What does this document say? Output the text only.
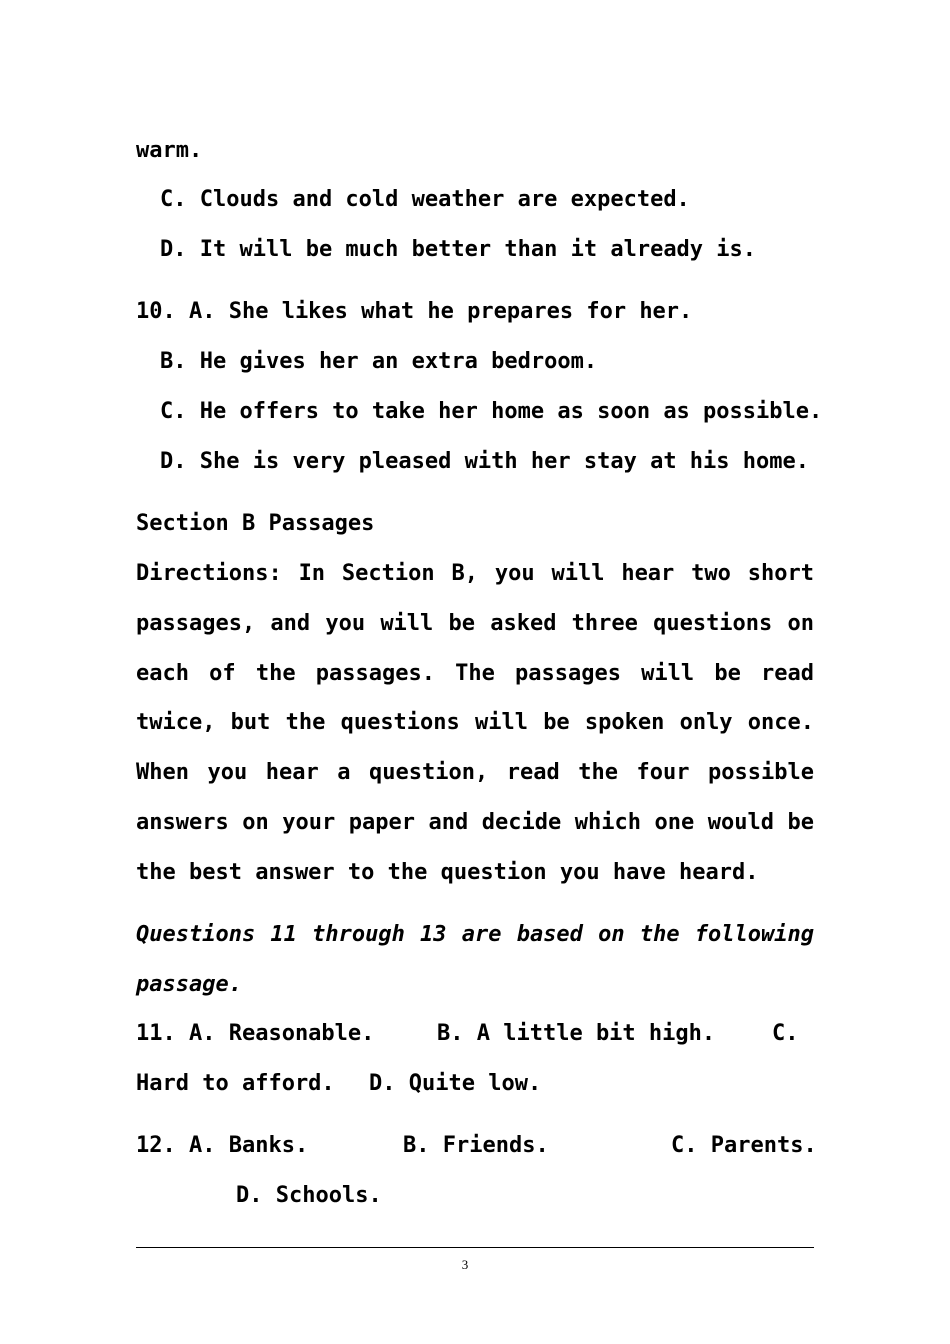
warm.
C. Clouds and cold weather are expected.
D. It will be much better than it already is.
10. A. She likes what he prepares for her.
B. He gives her an extra bedroom.
C. He offers to take her home as soon as possible.
D. She is very pleased with her stay at his home.
Section B Passages
Directions: In Section B, you will hear two short
passages, and you will be asked three questions on
each of the passages. The passages will be read
twice, but the questions will be spoken only once.
When you hear a question, read the four possible
answers on your paper and decide which one would be
the best answer to the question you have heard.
Questions 11 through 13 are based on the following
passage.
11. A. Reasonable.	B. A little bit high.	C.
Hard to afford. D. Quite low.
12. A. Banks.	B. Friends.	C. Parents.
D. Schools.
3
